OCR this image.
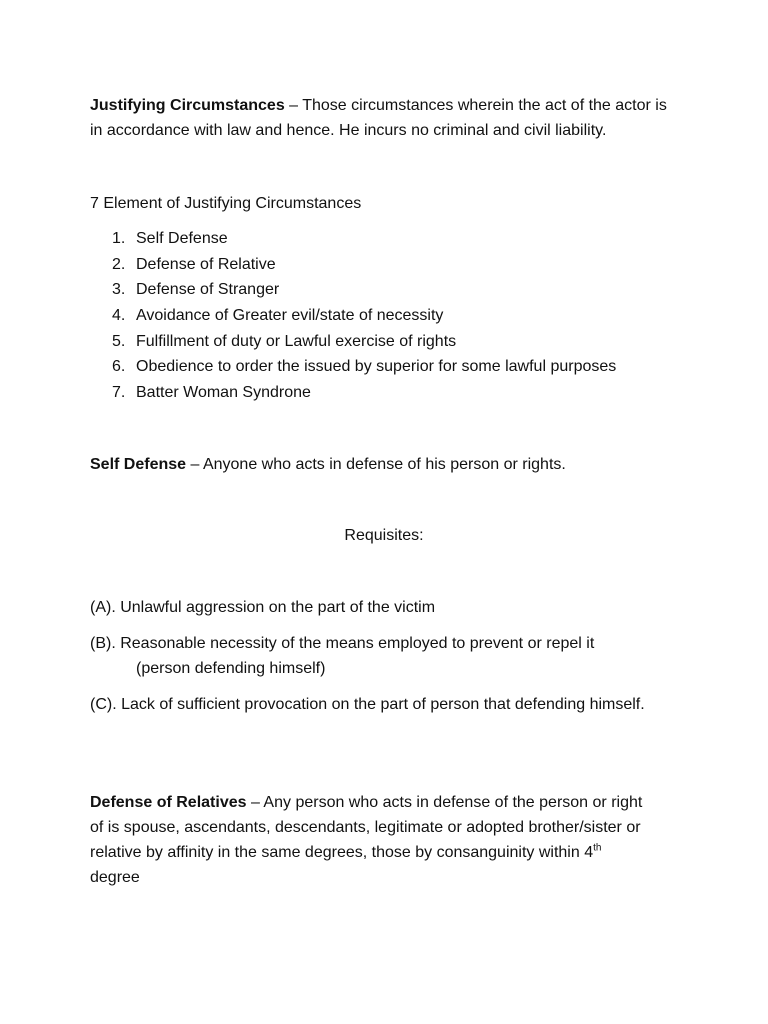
Justifying Circumstances – Those circumstances wherein the act of the actor is in accordance with law and hence. He incurs no criminal and civil liability.

7 Element of Justifying Circumstances

1. Self Defense
2. Defense of Relative
3. Defense of Stranger
4. Avoidance of Greater evil/state of necessity
5. Fulfillment of duty or Lawful exercise of rights
6. Obedience to order the issued by superior for some lawful purposes
7. Batter Woman Syndrone

Self Defense – Anyone who acts in defense of his person or rights.

Requisites:

(A). Unlawful aggression on the part of the victim

(B). Reasonable necessity of the means employed to prevent or repel it
(person defending himself)

(C). Lack of sufficient provocation on the part of person that defending himself.

Defense of Relatives – Any person who acts in defense of the person or right of is spouse, ascendants, descendants, legitimate or adopted brother/sister or relative by affinity in the same degrees, those by consanguinity within 4th degree
